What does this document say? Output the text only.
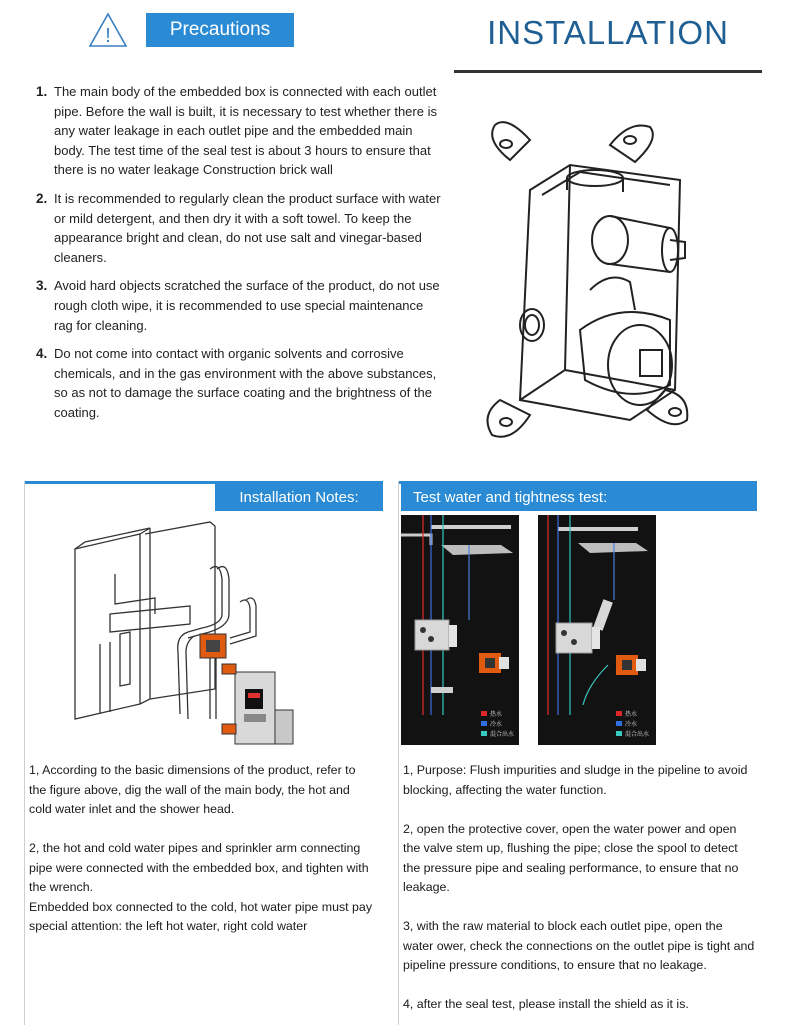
!	Precautions	INSTALLATION
1. The main body of the embedded box is connected with each outlet pipe. Before the wall is built, it is necessary to test whether there is any water leakage in each outlet pipe and the embedded main body. The test time of the seal test is about 3 hours to ensure that there is no water leakage Construction brick wall
2. It is recommended to regularly clean the product surface with water or mild detergent, and then dry it with a soft towel. To keep the appearance bright and clean, do not use salt and vinegar-based cleaners.
3. Avoid hard objects scratched the surface of the product, do not use rough cloth wipe, it is recommended to use special maintenance rag for cleaning.
4. Do not come into contact with organic solvents and corrosive chemicals, and in the gas environment with the above substances, so as not to damage the surface coating and the brightness of the coating.
Installation Notes:

1, According to the basic dimensions of the product, refer to the figure above, dig the wall of the main body, the hot and cold water inlet and the shower head.

2, the hot and cold water pipes and sprinkler arm connecting pipe were connected with the embedded box, and tighten with the wrench.

Embedded box connected to the cold, hot water pipe must pay special attention: the left hot water, right cold water

Test water and tightness test:

1, Purpose: Flush impurities and sludge in the pipeline to avoid blocking, affecting the water function.

2, open the protective cover, open the water power and open the valve stem up, flushing the pipe; close the spool to detect the pressure pipe and sealing performance, to ensure that no leakage.

3, with the raw material to block each outlet pipe, open the water ower, check the connections on the outlet pipe is tight and pipeline pressure conditions, to ensure that no leakage.

4, after the seal test, please install the shield as it is.

热水
冷水
混合出水
热水
冷水
混合出水
